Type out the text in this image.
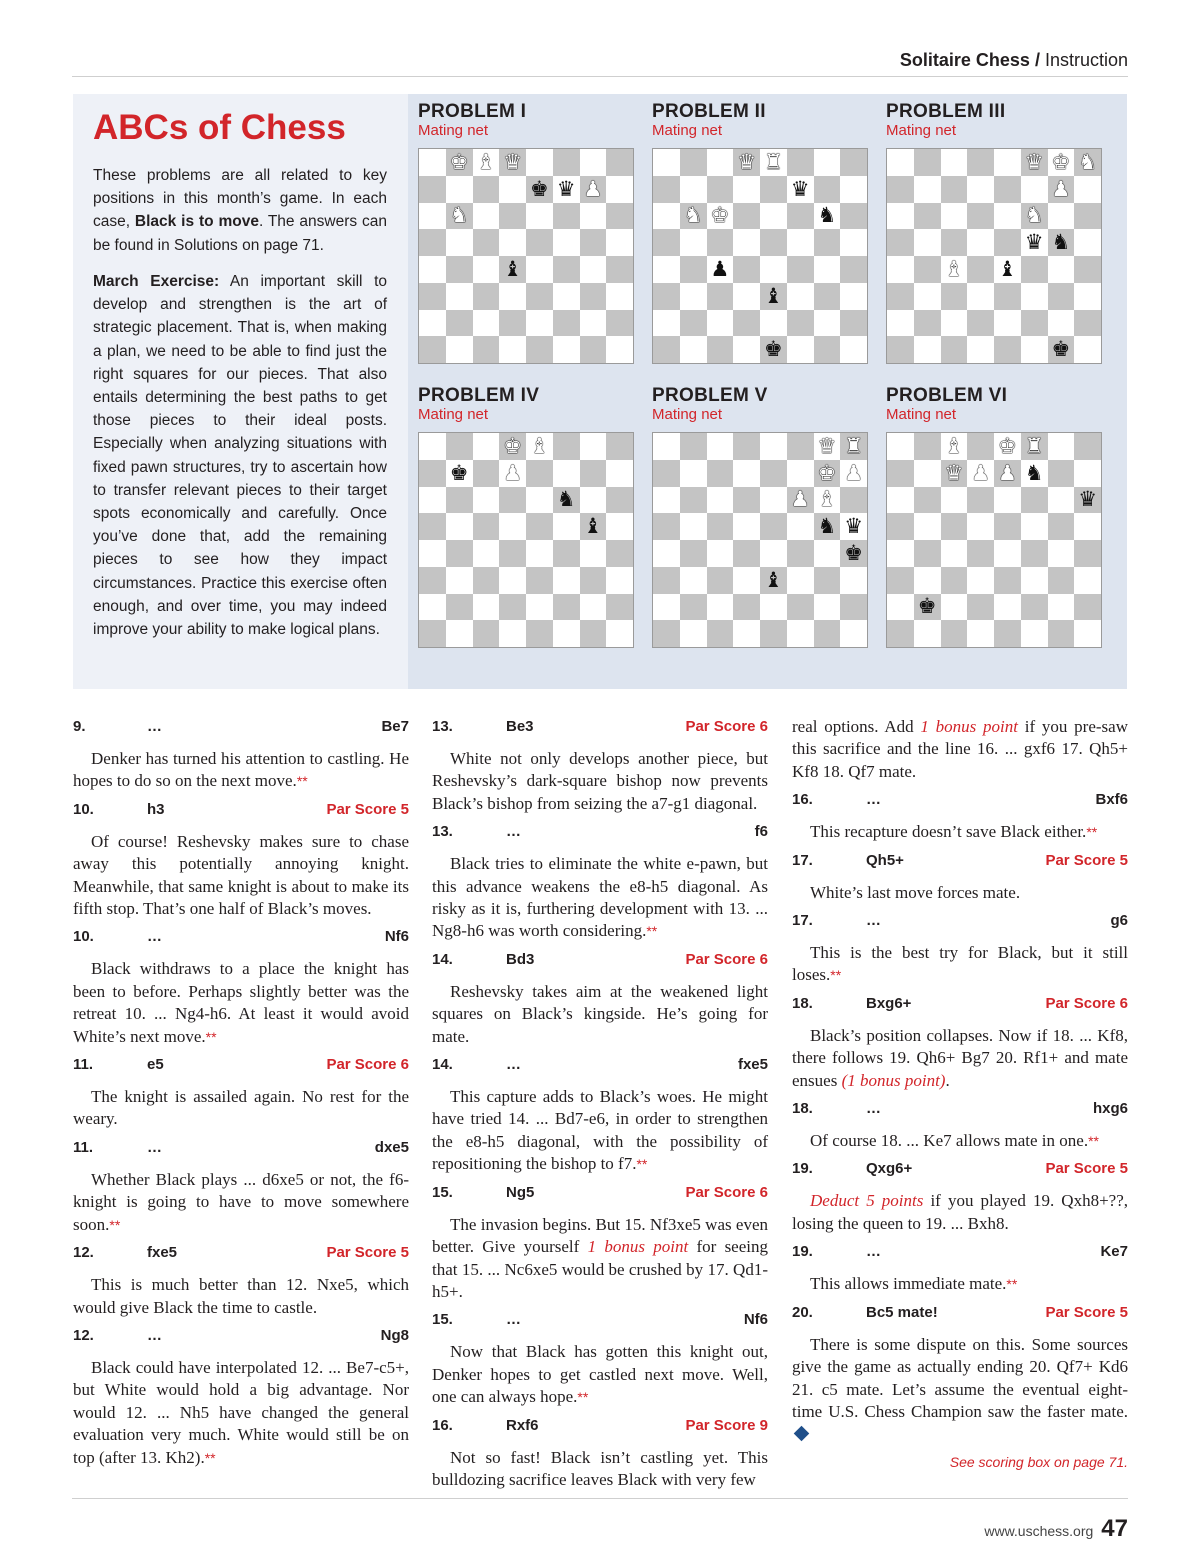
Solitaire Chess / Instruction
ABCs of Chess
These problems are all related to key positions in this month’s game. In each case, Black is to move. The answers can be found in Solutions on page 71.
March Exercise: An important skill to develop and strengthen is the art of strategic placement. That is, when making a plan, we need to be able to find just the right squares for our pieces. That also entails determining the best paths to get those pieces to their ideal posts. Especially when analyzing situations with fixed pawn structures, try to ascertain how to transfer relevant pieces to their target spots economically and carefully. Once you’ve done that, add the remaining pieces to see how they impact circumstances. Practice this exercise often enough, and over time, you may indeed improve your ability to make logical plans.
PROBLEM I
Mating net
♚ ♝ ♛
♚ ♛ ♟
♞
♝
PROBLEM II
Mating net
♛ ♜
♛
♞ ♚	♞
♟
♝
♚
PROBLEM III
Mating net
♛ ♚ ♞
♟
♞
♛ ♞
♝ ♝
♚
PROBLEM IV
Mating net
♚ ♝
♚ ♟
♞
♝
PROBLEM V
Mating net
♛ ♜
♚ ♟
♟ ♝
♞ ♛
♚
♝
PROBLEM VI
Mating net
♝ ♚ ♜
♛ ♟ ♟ ♞
♛
♚
9.	…	Be7

Denker has turned his attention to castling. He hopes to do so on the next move.**

10.	h3	Par Score 5

Of course! Reshevsky makes sure to chase away this potentially annoying knight. Meanwhile, that same knight is about to make its fifth stop. That’s one half of Black’s moves.

10.	…	Nf6

Black withdraws to a place the knight has been to before. Perhaps slightly better was the retreat 10. ... Ng4-h6. At least it would avoid White’s next move.**

11.	e5	Par Score 6

The knight is assailed again. No rest for the weary.

11.	…	dxe5

Whether Black plays ... d6xe5 or not, the f6-knight is going to have to move somewhere soon.**

12.	fxe5	Par Score 5

This is much better than 12. Nxe5, which would give Black the time to castle.

12.	…	Ng8

Black could have interpolated 12. ... Be7-c5+, but White would hold a big advantage. Nor would 12. ... Nh5 have changed the general evaluation very much. White would still be on top (after 13. Kh2).**

13.	Be3	Par Score 6

White not only develops another piece, but Reshevsky’s dark-square bishop now prevents Black’s bishop from seizing the a7-g1 diagonal.

13.	…	f6

Black tries to eliminate the white e-pawn, but this advance weakens the e8-h5 diagonal. As risky as it is, furthering development with 13. ... Ng8-h6 was worth considering.**

14.	Bd3	Par Score 6

Reshevsky takes aim at the weakened light squares on Black’s kingside. He’s going for mate.

14.	…	fxe5

This capture adds to Black’s woes. He might have tried 14. ... Bd7-e6, in order to strengthen the e8-h5 diagonal, with the possibility of repositioning the bishop to f7.**

15.	Ng5	Par Score 6

The invasion begins. But 15. Nf3xe5 was even better. Give yourself 1 bonus point for seeing that 15. ... Nc6xe5 would be crushed by 17. Qd1-h5+.

15.	…	Nf6

Now that Black has gotten this knight out, Denker hopes to get castled next move. Well, one can always hope.**

16.	Rxf6	Par Score 9

Not so fast! Black isn’t castling yet. This bulldozing sacrifice leaves Black with very few

real options. Add 1 bonus point if you pre-saw this sacrifice and the line 16. ... gxf6 17. Qh5+ Kf8 18. Qf7 mate.

16.	…	Bxf6

This recapture doesn’t save Black either.**

17.	Qh5+	Par Score 5

White’s last move forces mate.

17.	…	g6

This is the best try for Black, but it still loses.**

18.	Bxg6+	Par Score 6

Black’s position collapses. Now if 18. ... Kf8, there follows 19. Qh6+ Bg7 20. Rf1+ and mate ensues (1 bonus point).

18.	…	hxg6

Of course 18. ... Ke7 allows mate in one.**

19.	Qxg6+	Par Score 5

Deduct 5 points if you played 19. Qxh8+??, losing the queen to 19. ... Bxh8.

19.	…	Ke7

This allows immediate mate.**

20.	Bc5 mate!	Par Score 5

There is some dispute on this. Some sources give the game as actually ending 20. Qf7+ Kd6 21. c5 mate. Let’s assume the eventual eight-time U.S. Chess Champion saw the faster mate.

See scoring box on page 71.
www.uschess.org 47
